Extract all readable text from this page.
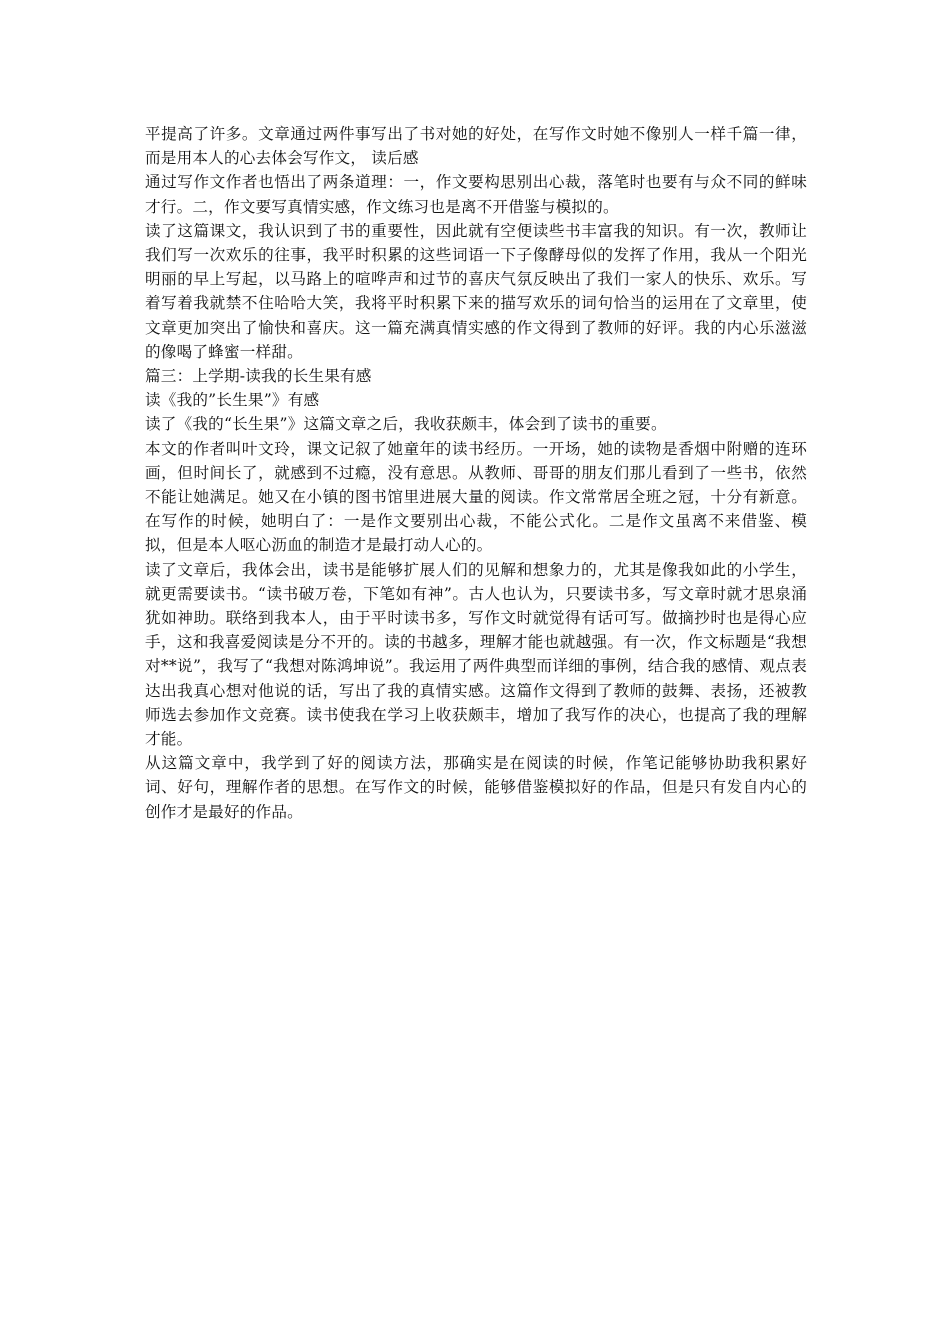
平提高了许多。文章通过两件事写出了书对她的好处，在写作文时她不像别人一样千篇一律，而是用本人的心去体会写作文， 读后感

通过写作文作者也悟出了两条道理：一，作文要构思别出心裁，落笔时也要有与众不同的鲜味才行。二，作文要写真情实感，作文练习也是离不开借鉴与模拟的。

读了这篇课文，我认识到了书的重要性，因此就有空便读些书丰富我的知识。有一次，教师让我们写一次欢乐的往事，我平时积累的这些词语一下子像酵母似的发挥了作用，我从一个阳光明丽的早上写起，以马路上的喧哗声和过节的喜庆气氛反映出了我们一家人的快乐、欢乐。写着写着我就禁不住哈哈大笑，我将平时积累下来的描写欢乐的词句恰当的运用在了文章里，使文章更加突出了愉快和喜庆。这一篇充满真情实感的作文得到了教师的好评。我的内心乐滋滋的像喝了蜂蜜一样甜。

篇三：上学期-读我的长生果有感

读《我的”长生果”》有感

读了《我的“长生果”》这篇文章之后，我收获颇丰，体会到了读书的重要。

本文的作者叫叶文玲，课文记叙了她童年的读书经历。一开场，她的读物是香烟中附赠的连环画，但时间长了，就感到不过瘾，没有意思。从教师、哥哥的朋友们那儿看到了一些书，依然不能让她满足。她又在小镇的图书馆里进展大量的阅读。作文常常居全班之冠，十分有新意。在写作的时候，她明白了：一是作文要别出心裁，不能公式化。二是作文虽离不来借鉴、模拟，但是本人呕心沥血的制造才是最打动人心的。

读了文章后，我体会出，读书是能够扩展人们的见解和想象力的，尤其是像我如此的小学生，就更需要读书。“读书破万卷，下笔如有神”。古人也认为，只要读书多，写文章时就才思泉涌犹如神助。联络到我本人，由于平时读书多，写作文时就觉得有话可写。做摘抄时也是得心应手，这和我喜爱阅读是分不开的。读的书越多，理解才能也就越强。有一次，作文标题是“我想对**说”，我写了“我想对陈鸿坤说”。我运用了两件典型而详细的事例，结合我的感情、观点表达出我真心想对他说的话，写出了我的真情实感。这篇作文得到了教师的鼓舞、表扬，还被教师选去参加作文竞赛。读书使我在学习上收获颇丰，增加了我写作的决心，也提高了我的理解才能。

从这篇文章中，我学到了好的阅读方法，那确实是在阅读的时候，作笔记能够协助我积累好词、好句，理解作者的思想。在写作文的时候，能够借鉴模拟好的作品，但是只有发自内心的创作才是最好的作品。
